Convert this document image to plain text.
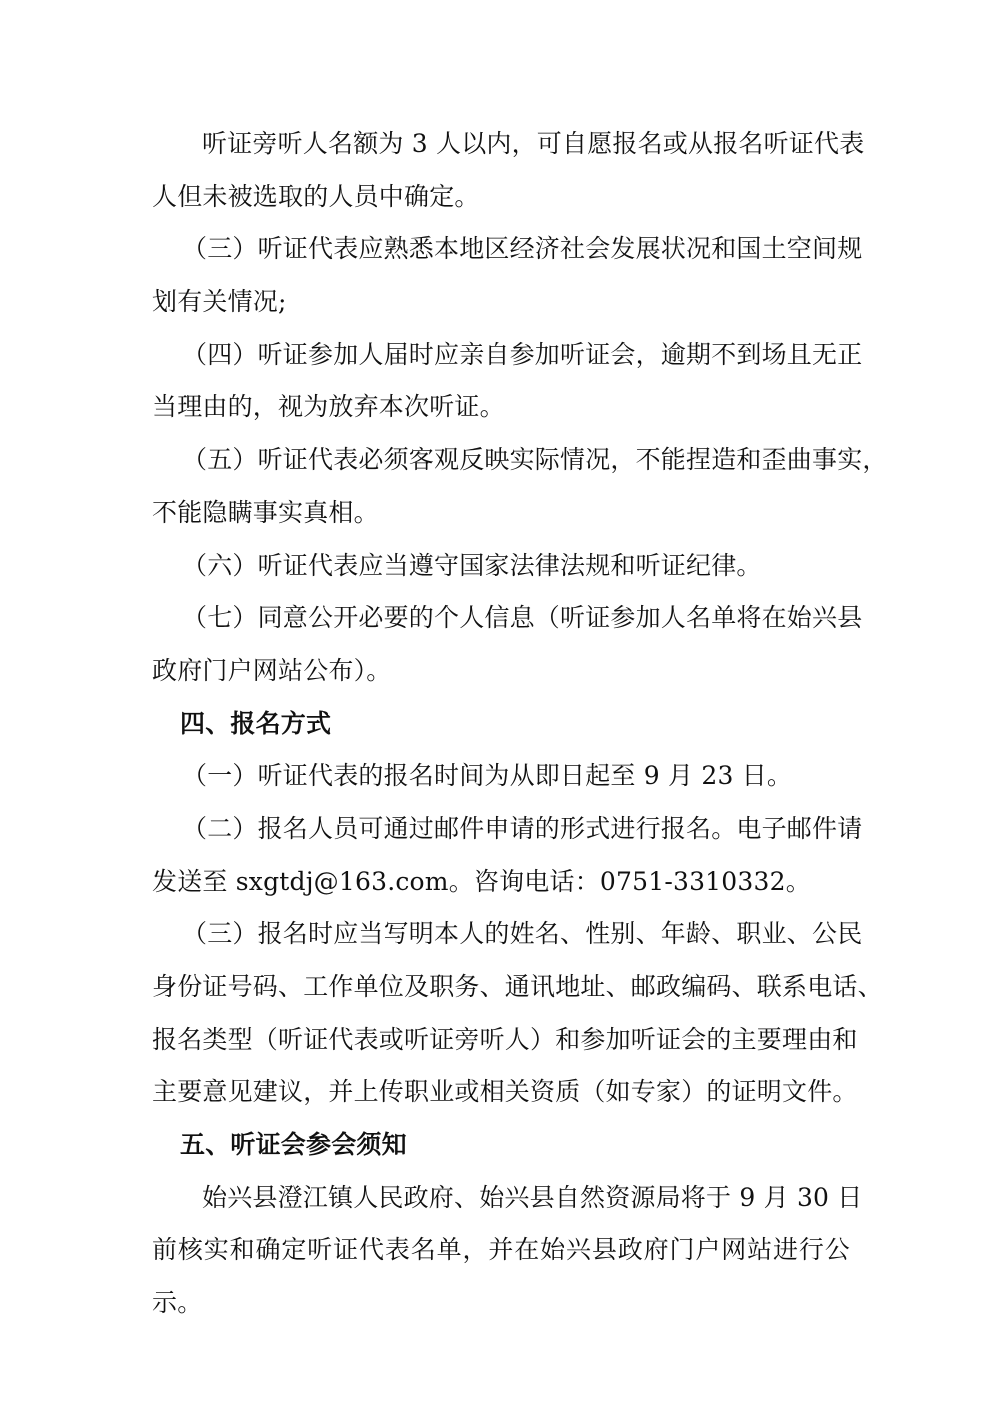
听证旁听人名额为 3 人以内，可自愿报名或从报名听证代表
人但未被选取的人员中确定。
（三）听证代表应熟悉本地区经济社会发展状况和国土空间规
划有关情况;
（四）听证参加人届时应亲自参加听证会，逾期不到场且无正
当理由的，视为放弃本次听证。
（五）听证代表必须客观反映实际情况，不能捏造和歪曲事实，
不能隐瞒事实真相。
（六）听证代表应当遵守国家法律法规和听证纪律。
（七）同意公开必要的个人信息（听证参加人名单将在始兴县
政府门户网站公布）。
四、报名方式
（一）听证代表的报名时间为从即日起至 9 月 23 日。
（二）报名人员可通过邮件申请的形式进行报名。电子邮件请
发送至 sxgtdj@163.com。咨询电话：0751-3310332。
（三）报名时应当写明本人的姓名、性别、年龄、职业、公民
身份证号码、工作单位及职务、通讯地址、邮政编码、联系电话、
报名类型（听证代表或听证旁听人）和参加听证会的主要理由和
主要意见建议，并上传职业或相关资质（如专家）的证明文件。
五、听证会参会须知
始兴县澄江镇人民政府、始兴县自然资源局将于 9 月 30 日
前核实和确定听证代表名单，并在始兴县政府门户网站进行公
示。
